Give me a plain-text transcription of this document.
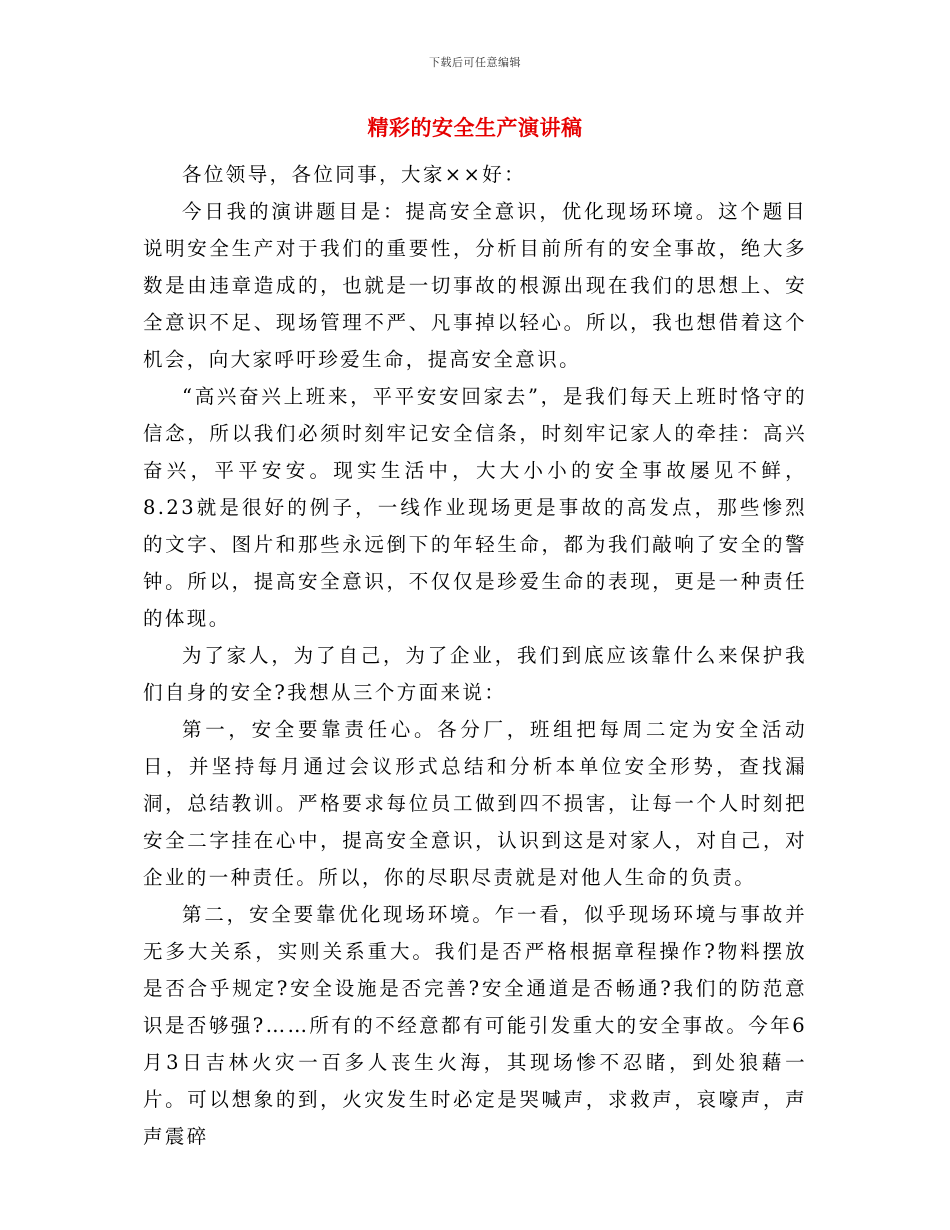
下载后可任意编辑
精彩的安全生产演讲稿

各位领导，各位同事，大家××好：

今日我的演讲题目是：提高安全意识，优化现场环境。这个题目说明安全生产对于我们的重要性，分析目前所有的安全事故，绝大多数是由违章造成的，也就是一切事故的根源出现在我们的思想上、安全意识不足、现场管理不严、凡事掉以轻心。所以，我也想借着这个机会，向大家呼吁珍爱生命，提高安全意识。

“高兴奋兴上班来，平平安安回家去”，是我们每天上班时恪守的信念，所以我们必须时刻牢记安全信条，时刻牢记家人的牵挂：高兴奋兴，平平安安。现实生活中，大大小小的安全事故屡见不鲜，8.23就是很好的例子，一线作业现场更是事故的高发点，那些惨烈的文字、图片和那些永远倒下的年轻生命，都为我们敲响了安全的警钟。所以，提高安全意识，不仅仅是珍爱生命的表现，更是一种责任的体现。

为了家人，为了自己，为了企业，我们到底应该靠什么来保护我们自身的安全?我想从三个方面来说：

第一，安全要靠责任心。各分厂，班组把每周二定为安全活动日，并坚持每月通过会议形式总结和分析本单位安全形势，查找漏洞，总结教训。严格要求每位员工做到四不损害，让每一个人时刻把安全二字挂在心中，提高安全意识，认识到这是对家人，对自己，对企业的一种责任。所以，你的尽职尽责就是对他人生命的负责。

第二，安全要靠优化现场环境。乍一看，似乎现场环境与事故并无多大关系，实则关系重大。我们是否严格根据章程操作?物料摆放是否合乎规定?安全设施是否完善?安全通道是否畅通?我们的防范意识是否够强?……所有的不经意都有可能引发重大的安全事故。今年6月3日吉林火灾一百多人丧生火海，其现场惨不忍睹，到处狼藉一片。可以想象的到，火灾发生时必定是哭喊声，求救声，哀嚎声，声声震碎
